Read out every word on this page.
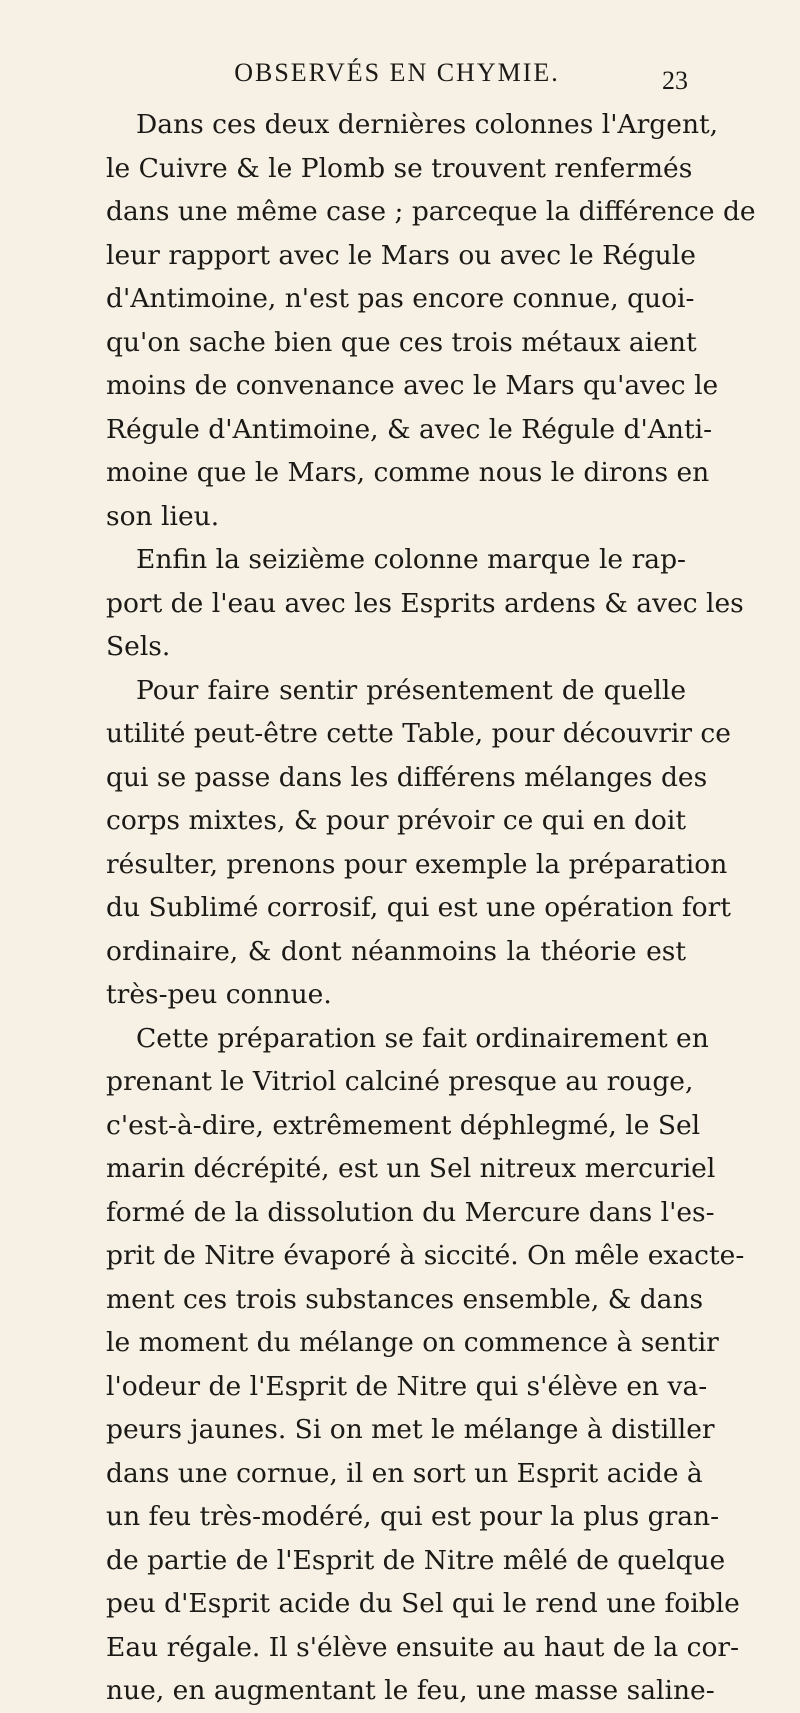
OBSERVÉS EN CHYMIE.	23
Dans ces deux dernières colonnes l'Argent,
le Cuivre & le Plomb se trouvent renfermés
dans une même case ; parceque la différence de
leur rapport avec le Mars ou avec le Régule
d'Antimoine, n'est pas encore connue, quoi-
qu'on sache bien que ces trois métaux aient
moins de convenance avec le Mars qu'avec le
Régule d'Antimoine, & avec le Régule d'Anti-
moine que le Mars, comme nous le dirons en
son lieu.
Enfin la seizième colonne marque le rap-
port de l'eau avec les Esprits ardens & avec les
Sels.
Pour faire sentir présentement de quelle
utilité peut-être cette Table, pour découvrir ce
qui se passe dans les différens mélanges des
corps mixtes, & pour prévoir ce qui en doit
résulter, prenons pour exemple la préparation
du Sublimé corrosif, qui est une opération fort
ordinaire, & dont néanmoins la théorie est
très-peu connue.
Cette préparation se fait ordinairement en
prenant le Vitriol calciné presque au rouge,
c'est-à-dire, extrêmement déphlegmé, le Sel
marin décrépité, est un Sel nitreux mercuriel
formé de la dissolution du Mercure dans l'es-
prit de Nitre évaporé à siccité. On mêle exacte-
ment ces trois substances ensemble, & dans
le moment du mélange on commence à sentir
l'odeur de l'Esprit de Nitre qui s'élève en va-
peurs jaunes. Si on met le mélange à distiller
dans une cornue, il en sort un Esprit acide à
un feu très-modéré, qui est pour la plus gran-
de partie de l'Esprit de Nitre mêlé de quelque
peu d'Esprit acide du Sel qui le rend une foible
Eau régale. Il s'élève ensuite au haut de la cor-
nue, en augmentant le feu, une masse saline-
